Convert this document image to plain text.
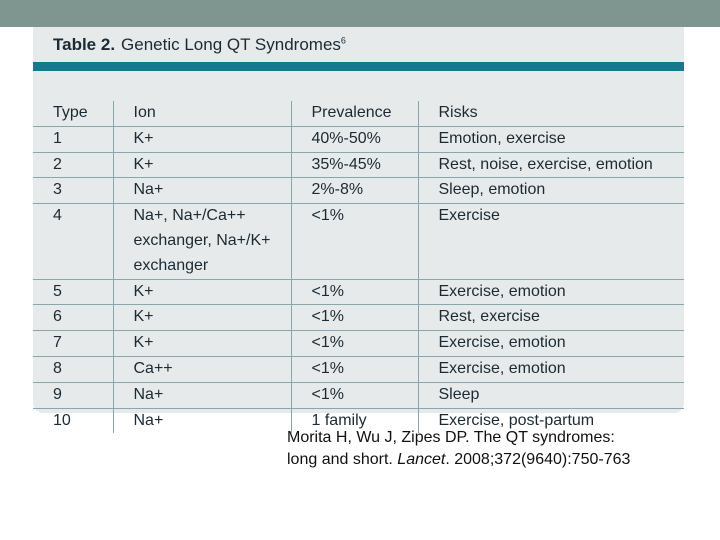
Table 2. Genetic Long QT Syndromes$^6$
Type	Ion	Prevalence	Risks
1	K+	40%-50%	Emotion, exercise
2	K+	35%-45%	Rest, noise, exercise, emotion
3	Na+	2%-8%	Sleep, emotion
4	Na+, Na+/Ca++
exchanger, Na+/K+
exchanger	<1%	Exercise
5	K+	<1%	Exercise, emotion
6	K+	<1%	Rest, exercise
7	K+	<1%	Exercise, emotion
8	Ca++	<1%	Exercise, emotion
9	Na+	<1%	Sleep
10	Na+	1 family	Exercise, post-partum
Morita H, Wu J, Zipes DP. The QT syndromes:
long and short. Lancet. 2008;372(9640):750-763
